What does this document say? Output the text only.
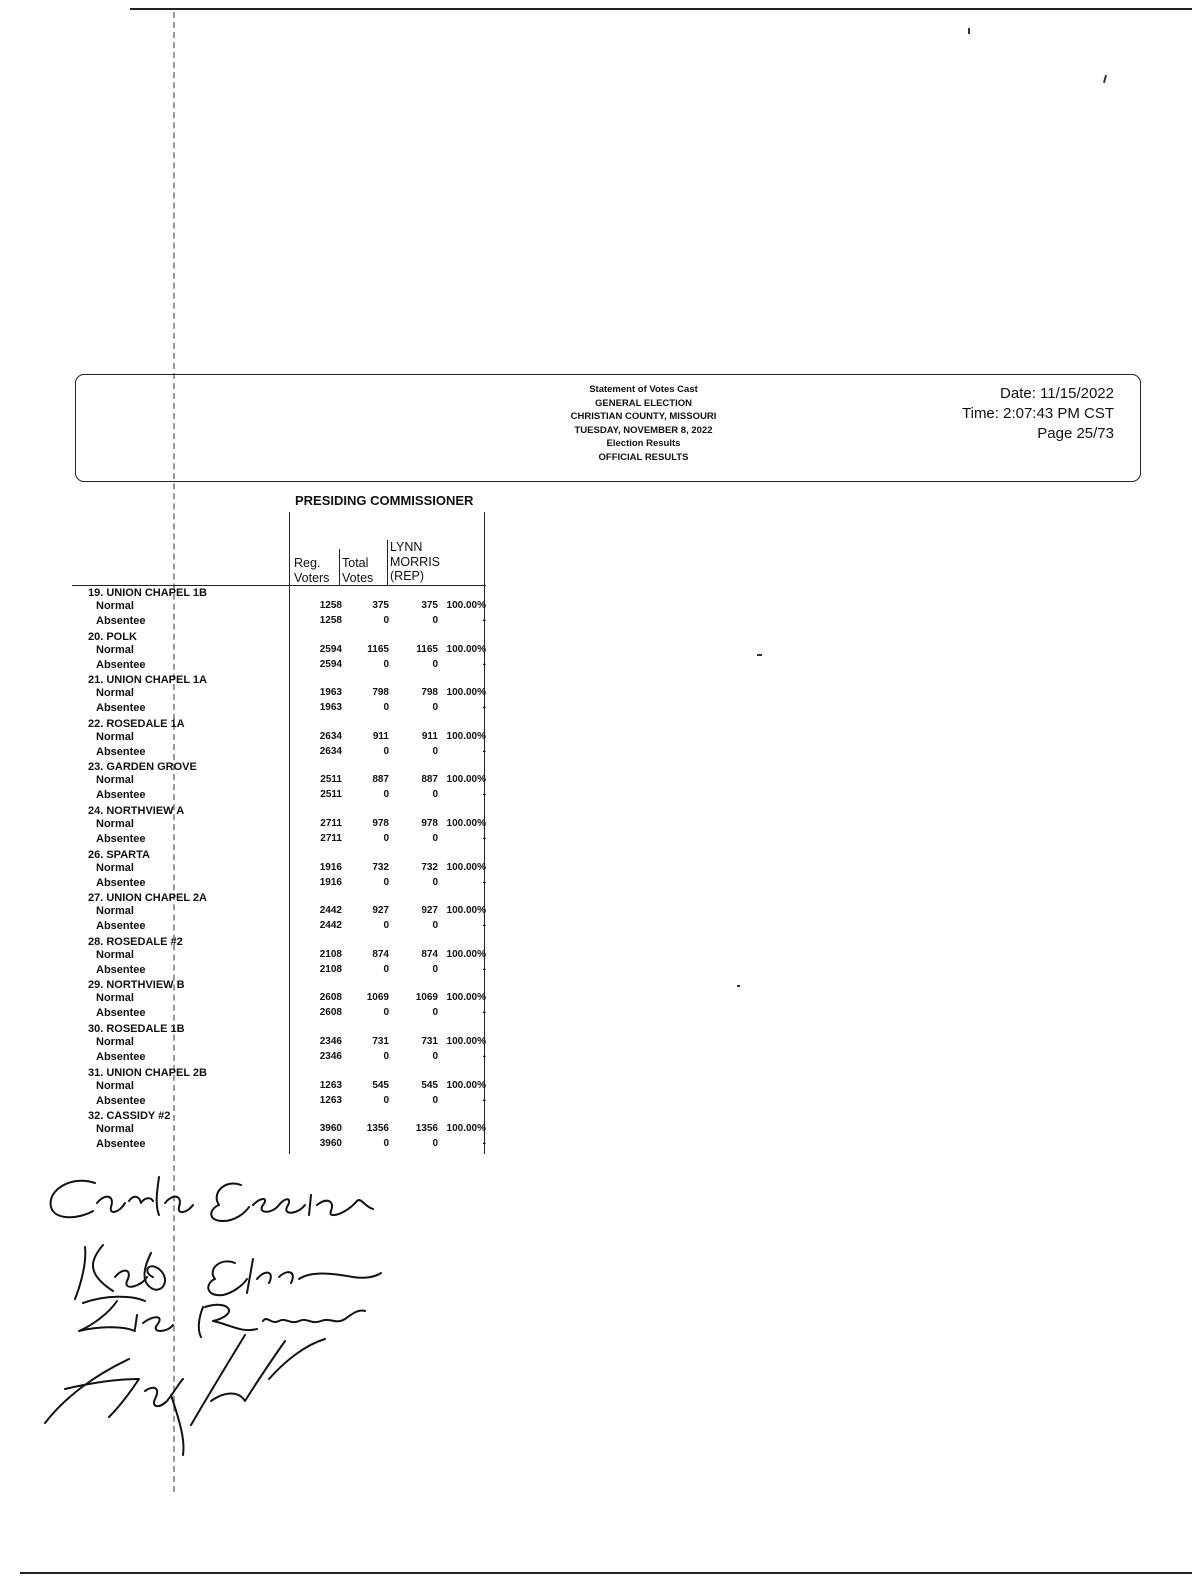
Statement of Votes Cast
GENERAL ELECTION
CHRISTIAN COUNTY, MISSOURI
TUESDAY, NOVEMBER 8, 2022
Election Results
OFFICIAL RESULTS
Date: 11/15/2022
Time: 2:07:43 PM CST
Page 25/73
PRESIDING COMMISSIONER
Reg.
Voters
Total
Votes
LYNN
MORRIS
(REP)
19. UNION CHAPEL 1B
Normal	1258	375	375 100.00%
Absentee	1258	0	0	-
20. POLK
Normal	2594	1165	1165 100.00%
Absentee	2594	0	0	-
21. UNION CHAPEL 1A
Normal	1963	798	798 100.00%
Absentee	1963	0	0	-
22. ROSEDALE 1A
Normal	2634	911	911 100.00%
Absentee	2634	0	0	-
23. GARDEN GROVE
Normal	2511	887	887 100.00%
Absentee	2511	0	0	-
24. NORTHVIEW A
Normal	2711	978	978 100.00%
Absentee	2711	0	0	-
26. SPARTA
Normal	1916	732	732 100.00%
Absentee	1916	0	0	-
27. UNION CHAPEL 2A
Normal	2442	927	927 100.00%
Absentee	2442	0	0	-
28. ROSEDALE #2
Normal	2108	874	874 100.00%
Absentee	2108	0	0	-
29. NORTHVIEW B
Normal	2608	1069	1069 100.00%
Absentee	2608	0	0	-
30. ROSEDALE 1B
Normal	2346	731	731 100.00%
Absentee	2346	0	0	-
31. UNION CHAPEL 2B
Normal	1263	545	545 100.00%
Absentee	1263	0	0	-
32. CASSIDY #2
Normal	3960	1356	1356 100.00%
Absentee	3960	0	0	-
